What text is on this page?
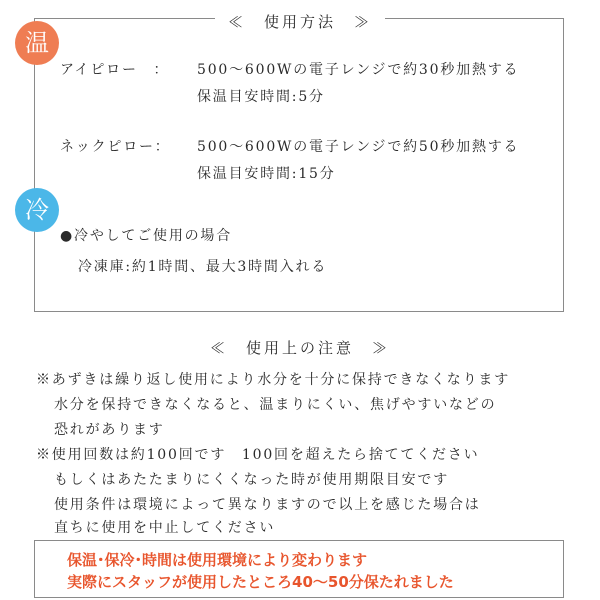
≪　使用方法　≫
温
アイピロー　： 500～600Wの電子レンジで約30秒加熱する
保温目安時間:5分
ネックピロー： 500～600Wの電子レンジで約50秒加熱する
保温目安時間:15分
冷
●冷やしてご使用の場合
冷凍庫:約1時間、最大3時間入れる
≪　使用上の注意　≫
※あずきは繰り返し使用により水分を十分に保持できなくなります
水分を保持できなくなると、温まりにくい、焦げやすいなどの
恐れがあります
※使用回数は約100回です　100回を超えたら捨ててください
もしくはあたたまりにくくなった時が使用期限目安です
使用条件は環境によって異なりますので以上を感じた場合は
直ちに使用を中止してください
保温･保冷･時間は使用環境により変わります
実際にスタッフが使用したところ40～50分保たれました
